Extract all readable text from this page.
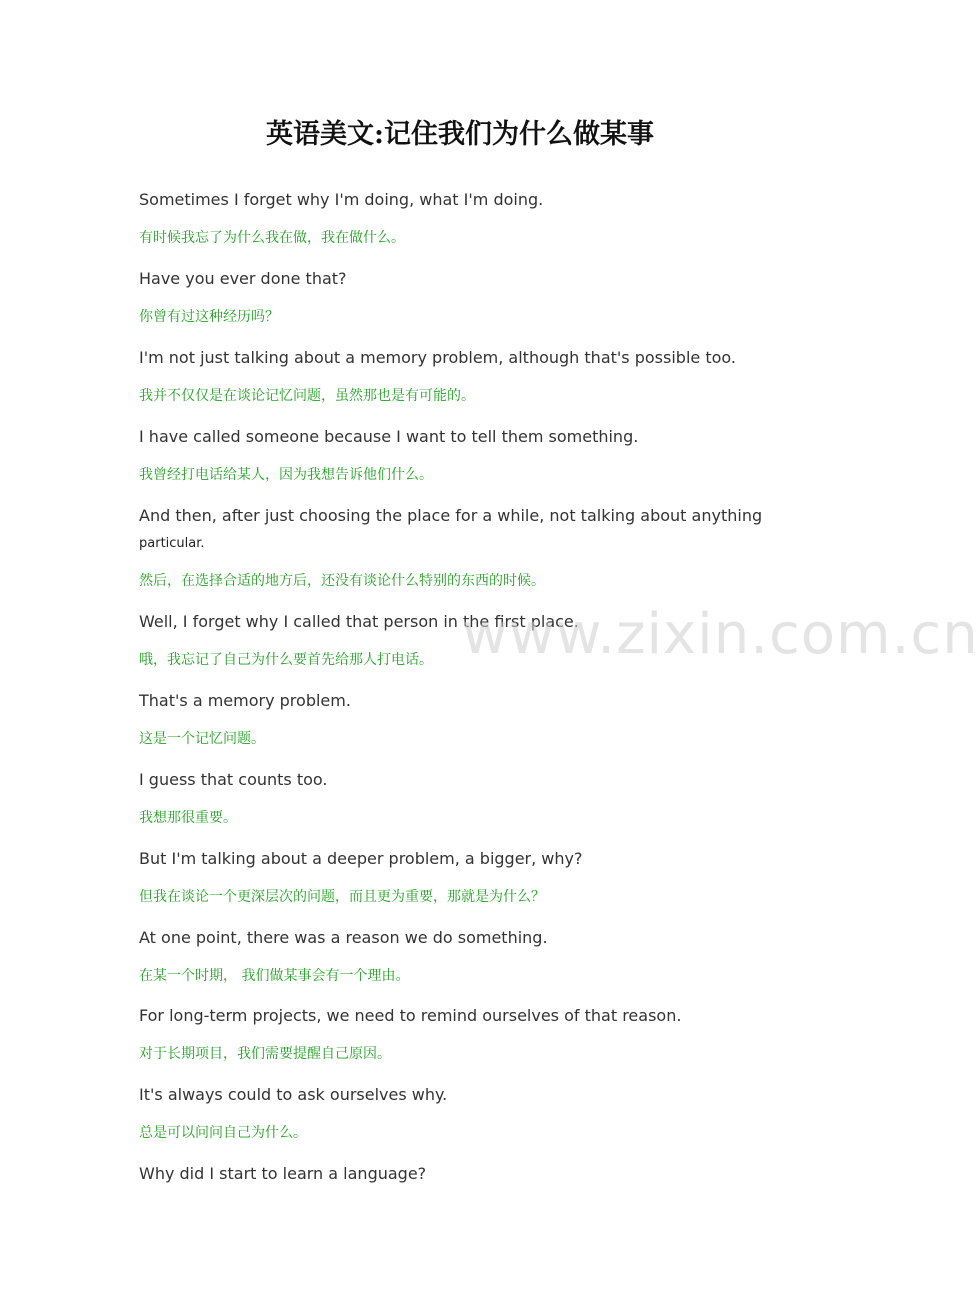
英语美文:记住我们为什么做某事

Sometimes I forget why I'm doing, what I'm doing.

有时候我忘了为什么我在做，我在做什么。

Have you ever done that?

你曾有过这种经历吗？

I'm not just talking about a memory problem, although that's possible too.

我并不仅仅是在谈论记忆问题，虽然那也是有可能的。

I have called someone because I want to tell them something.

我曾经打电话给某人，因为我想告诉他们什么。

And then, after just choosing the place for a while, not talking about anything

particular.

然后，在选择合适的地方后，还没有谈论什么特别的东西的时候。

Well, I forget why I called that person in the first place.

哦，我忘记了自己为什么要首先给那人打电话。

That's a memory problem.

这是一个记忆问题。

I guess that counts too.

我想那很重要。

But I'm talking about a deeper problem, a bigger, why?

但我在谈论一个更深层次的问题，而且更为重要，那就是为什么？

At one point, there was a reason we do something.

在某一个时期， 我们做某事会有一个理由。

For long-term projects, we need to remind ourselves of that reason.

对于长期项目，我们需要提醒自己原因。

It's always could to ask ourselves why.

总是可以问问自己为什么。

Why did I start to learn a language?

www.zixin.com.cn
